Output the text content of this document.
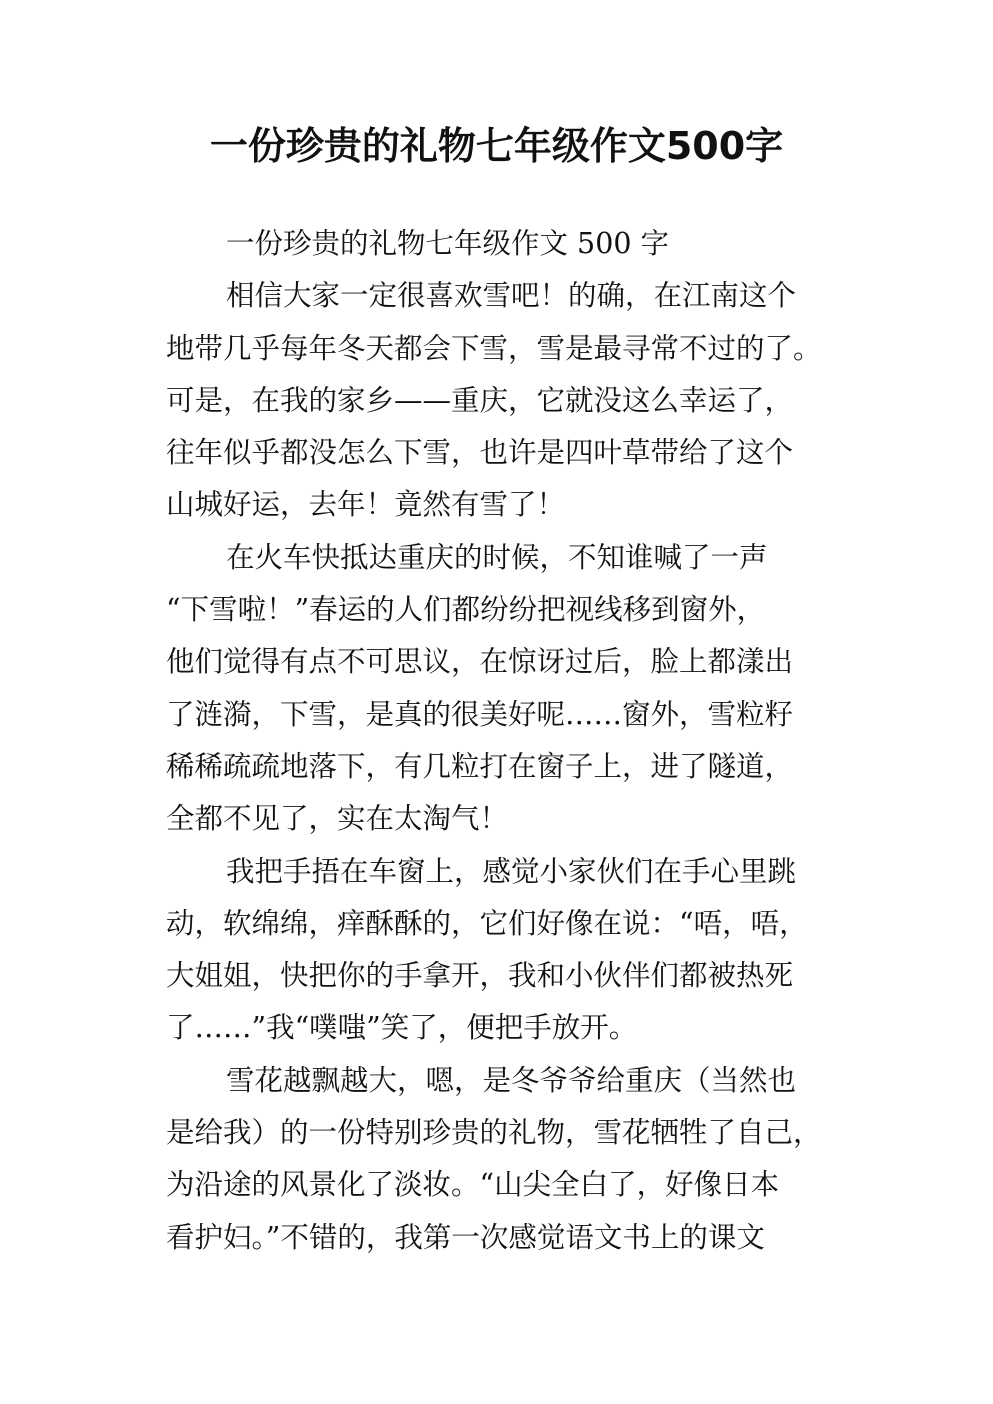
一份珍贵的礼物七年级作文500字

一份珍贵的礼物七年级作文 500 字

相信大家一定很喜欢雪吧！的确，在江南这个

地带几乎每年冬天都会下雪，雪是最寻常不过的了。

可是，在我的家乡——重庆，它就没这么幸运了，

往年似乎都没怎么下雪，也许是四叶草带给了这个

山城好运，去年！竟然有雪了！

在火车快抵达重庆的时候，不知谁喊了一声

“下雪啦！”春运的人们都纷纷把视线移到窗外，

他们觉得有点不可思议，在惊讶过后，脸上都漾出

了涟漪，下雪，是真的很美好呢……窗外，雪粒籽

稀稀疏疏地落下，有几粒打在窗子上，进了隧道，

全都不见了，实在太淘气！

我把手捂在车窗上，感觉小家伙们在手心里跳

动，软绵绵，痒酥酥的，它们好像在说：“唔，唔，

大姐姐，快把你的手拿开，我和小伙伴们都被热死

了……”我“噗嗤”笑了，便把手放开。

雪花越飘越大，嗯，是冬爷爷给重庆（当然也

是给我）的一份特别珍贵的礼物，雪花牺牲了自己，

为沿途的风景化了淡妆。“山尖全白了，好像日本

看护妇。”不错的，我第一次感觉语文书上的课文
